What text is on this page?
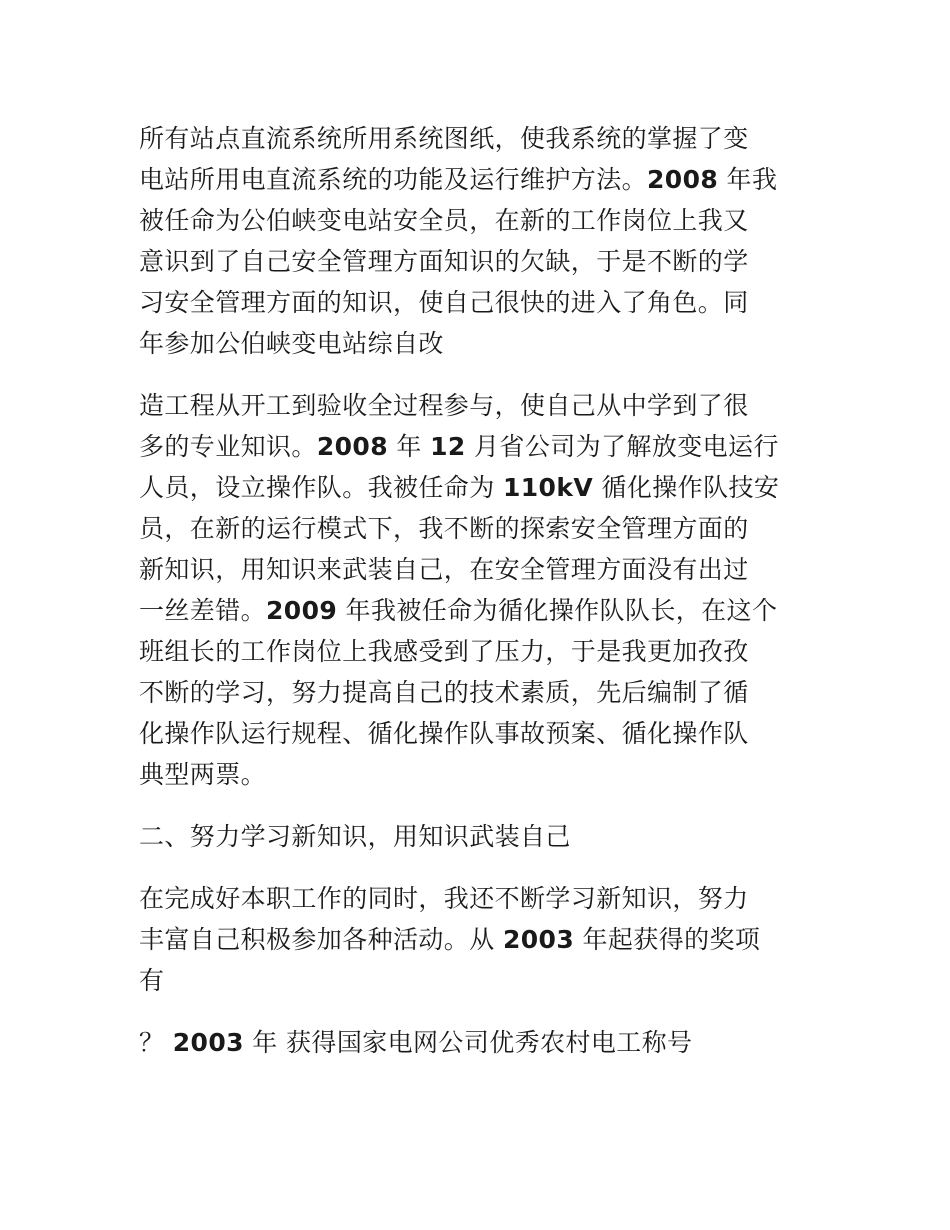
所有站点直流系统所用系统图纸，使我系统的掌握了变
电站所用电直流系统的功能及运行维护方法。2008 年我
被任命为公伯峡变电站安全员，在新的工作岗位上我又
意识到了自己安全管理方面知识的欠缺，于是不断的学
习安全管理方面的知识，使自己很快的进入了角色。同
年参加公伯峡变电站综自改
造工程从开工到验收全过程参与，使自己从中学到了很
多的专业知识。2008 年 12 月省公司为了解放变电运行
人员，设立操作队。我被任命为 110kV 循化操作队技安
员，在新的运行模式下，我不断的探索安全管理方面的
新知识，用知识来武装自己，在安全管理方面没有出过
一丝差错。2009 年我被任命为循化操作队队长，在这个
班组长的工作岗位上我感受到了压力，于是我更加孜孜
不断的学习，努力提高自己的技术素质，先后编制了循
化操作队运行规程、循化操作队事故预案、循化操作队
典型两票。
二、努力学习新知识，用知识武装自己
在完成好本职工作的同时，我还不断学习新知识，努力
丰富自己积极参加各种活动。从 2003 年起获得的奖项
有
？ 2003 年 获得国家电网公司优秀农村电工称号
